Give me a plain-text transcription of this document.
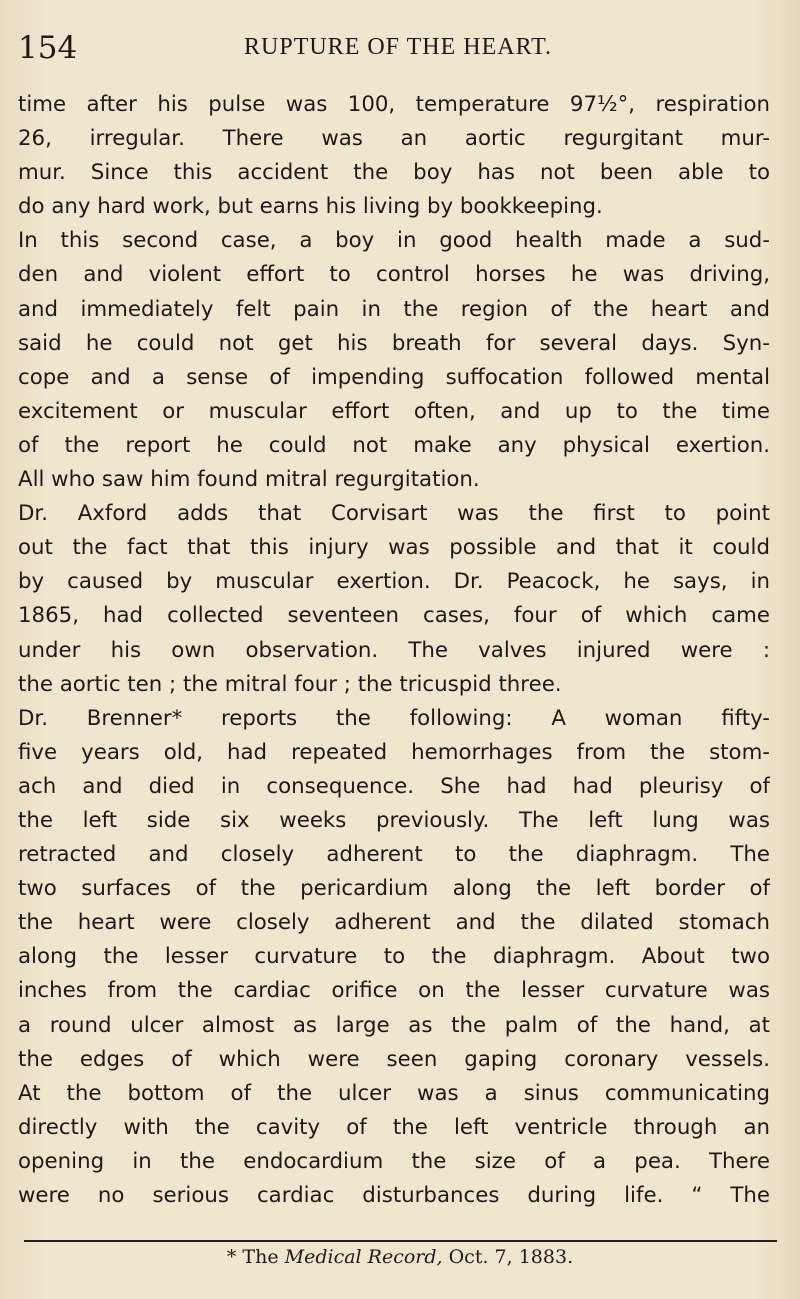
154	RUPTURE OF THE HEART.
time after his pulse was 100, temperature 97½°, respiration
26, irregular. There was an aortic regurgitant mur-
mur. Since this accident the boy has not been able to
do any hard work, but earns his living by bookkeeping.
In this second case, a boy in good health made a sud-
den and violent effort to control horses he was driving,
and immediately felt pain in the region of the heart and
said he could not get his breath for several days. Syn-
cope and a sense of impending suffocation followed mental
excitement or muscular effort often, and up to the time
of the report he could not make any physical exertion.
All who saw him found mitral regurgitation.
Dr. Axford adds that Corvisart was the first to point
out the fact that this injury was possible and that it could
by caused by muscular exertion. Dr. Peacock, he says, in
1865, had collected seventeen cases, four of which came
under his own observation. The valves injured were :
the aortic ten ; the mitral four ; the tricuspid three.
Dr. Brenner* reports the following: A woman fifty-
five years old, had repeated hemorrhages from the stom-
ach and died in consequence. She had had pleurisy of
the left side six weeks previously. The left lung was
retracted and closely adherent to the diaphragm. The
two surfaces of the pericardium along the left border of
the heart were closely adherent and the dilated stomach
along the lesser curvature to the diaphragm. About two
inches from the cardiac orifice on the lesser curvature was
a round ulcer almost as large as the palm of the hand, at
the edges of which were seen gaping coronary vessels.
At the bottom of the ulcer was a sinus communicating
directly with the cavity of the left ventricle through an
opening in the endocardium the size of a pea. There
were no serious cardiac disturbances during life. “ The
* The Medical Record, Oct. 7, 1883.
